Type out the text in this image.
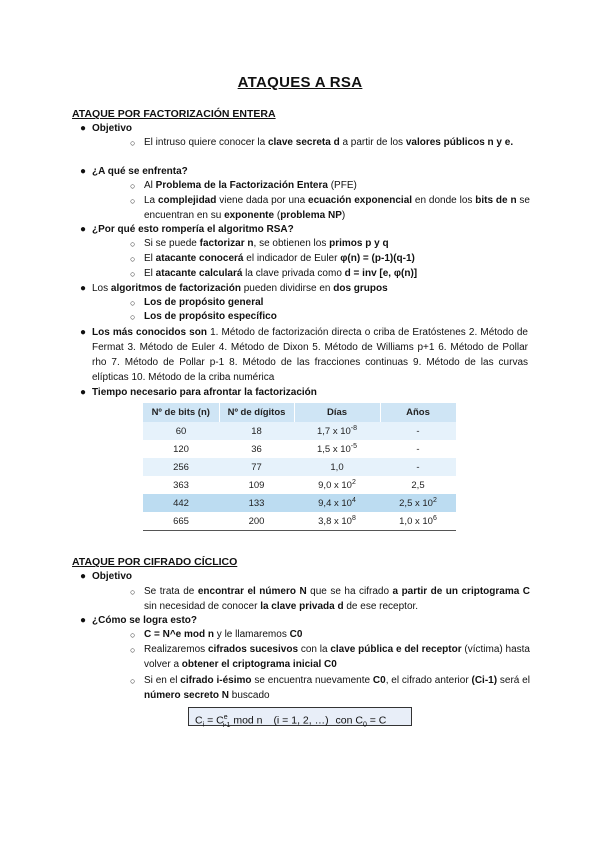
ATAQUES A RSA
ATAQUE POR FACTORIZACIÓN ENTERA
● Objetivo
○ El intruso quiere conocer la clave secreta d a partir de los valores públicos n y e.
● ¿A qué se enfrenta?
○ Al Problema de la Factorización Entera (PFE)
○ La complejidad viene dada por una ecuación exponencial en donde los bits de n se encuentran en su exponente (problema NP)
● ¿Por qué esto rompería el algoritmo RSA?
○ Si se puede factorizar n, se obtienen los primos p y q
○ El atacante conocerá el indicador de Euler φ(n) = (p-1)(q-1)
○ El atacante calculará la clave privada como d = inv [e, φ(n)]
● Los algoritmos de factorización pueden dividirse en dos grupos
○ Los de propósito general
○ Los de propósito específico
● Los más conocidos son 1. Método de factorización directa o criba de Eratóstenes 2. Método de Fermat 3. Método de Euler 4. Método de Dixon 5. Método de Williams p+1 6. Método de Pollar rho 7. Método de Pollar p-1 8. Método de las fracciones continuas 9. Método de las curvas elípticas 10. Método de la criba numérica
● Tiempo necesario para afrontar la factorización
Nº de bits (n)	Nº de dígitos	Días	Años
60	18	1,7 x $10^{-8}$	-
120	36	1,5 x $10^{-5}$	-
256	77	1,0	-
363	109	9,0 x $10^2$	2,5
442	133	9,4 x $10^4$	2,5 x $10^2$
665	200	3,8 x $10^8$	1,0 x $10^6$
ATAQUE POR CIFRADO CÍCLICO
● Objetivo
○ Se trata de encontrar el número N que se ha cifrado a partir de un criptograma C sin necesidad de conocer la clave privada d de ese receptor.
● ¿Cómo se logra esto?
○ C = N^e mod n y le llamaremos C0
○ Realizaremos cifrados sucesivos con la clave pública e del receptor (víctima) hasta volver a obtener el criptograma inicial C0
○ Si en el cifrado i-ésimo se encuentra nuevamente C0, el cifrado anterior (Ci-1) será el número secreto N buscado
$C_i = C^e_{i-1}$ mod n (i = 1, 2, …) con $C_0 = C$
